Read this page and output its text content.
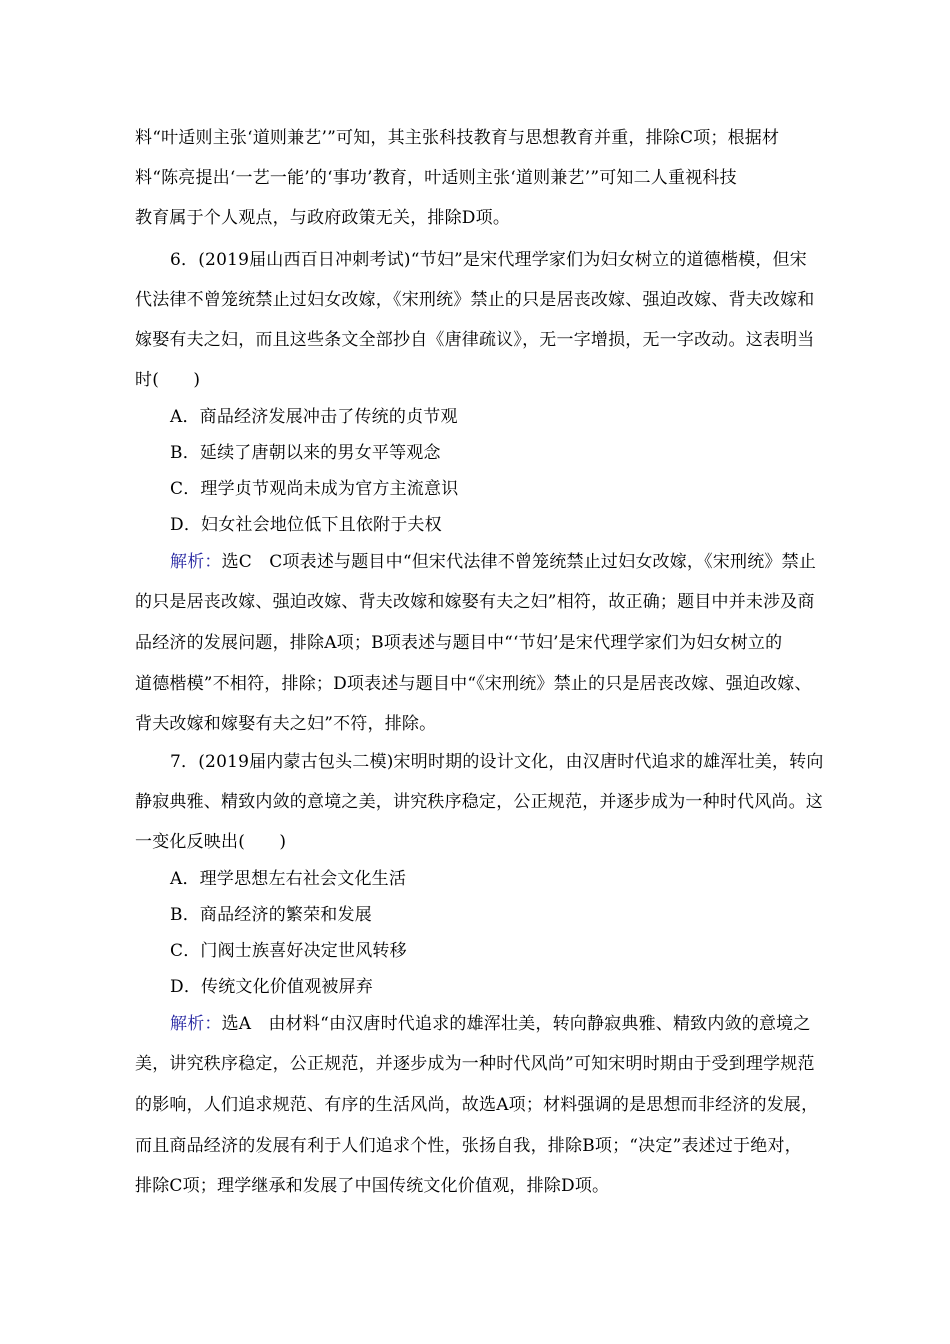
料“叶适则主张‘道则兼艺’”可知，其主张科技教育与思想教育并重，排除C项；根据材
料“陈亮提出‘一艺一能’的‘事功’教育，叶适则主张‘道则兼艺’”可知二人重视科技
教育属于个人观点，与政府政策无关，排除D项。
6．(2019届山西百日冲刺考试)“节妇”是宋代理学家们为妇女树立的道德楷模，但宋
代法律不曾笼统禁止过妇女改嫁，《宋刑统》禁止的只是居丧改嫁、强迫改嫁、背夫改嫁和
嫁娶有夫之妇，而且这些条文全部抄自《唐律疏议》，无一字增损，无一字改动。这表明当
时(　　)
A．商品经济发展冲击了传统的贞节观
B．延续了唐朝以来的男女平等观念
C．理学贞节观尚未成为官方主流意识
D．妇女社会地位低下且依附于夫权
解析：选C　C项表述与题目中“但宋代法律不曾笼统禁止过妇女改嫁，《宋刑统》禁止
的只是居丧改嫁、强迫改嫁、背夫改嫁和嫁娶有夫之妇”相符，故正确；题目中并未涉及商
品经济的发展问题，排除A项；B项表述与题目中“‘节妇’是宋代理学家们为妇女树立的
道德楷模”不相符，排除；D项表述与题目中“《宋刑统》禁止的只是居丧改嫁、强迫改嫁、
背夫改嫁和嫁娶有夫之妇”不符，排除。
7．(2019届内蒙古包头二模)宋明时期的设计文化，由汉唐时代追求的雄浑壮美，转向
静寂典雅、精致内敛的意境之美，讲究秩序稳定，公正规范，并逐步成为一种时代风尚。这
一变化反映出(　　)
A．理学思想左右社会文化生活
B．商品经济的繁荣和发展
C．门阀士族喜好决定世风转移
D．传统文化价值观被屏弃
解析：选A　由材料“由汉唐时代追求的雄浑壮美，转向静寂典雅、精致内敛的意境之
美，讲究秩序稳定，公正规范，并逐步成为一种时代风尚”可知宋明时期由于受到理学规范
的影响，人们追求规范、有序的生活风尚，故选A项；材料强调的是思想而非经济的发展，
而且商品经济的发展有利于人们追求个性，张扬自我，排除B项；“决定”表述过于绝对，
排除C项；理学继承和发展了中国传统文化价值观，排除D项。
